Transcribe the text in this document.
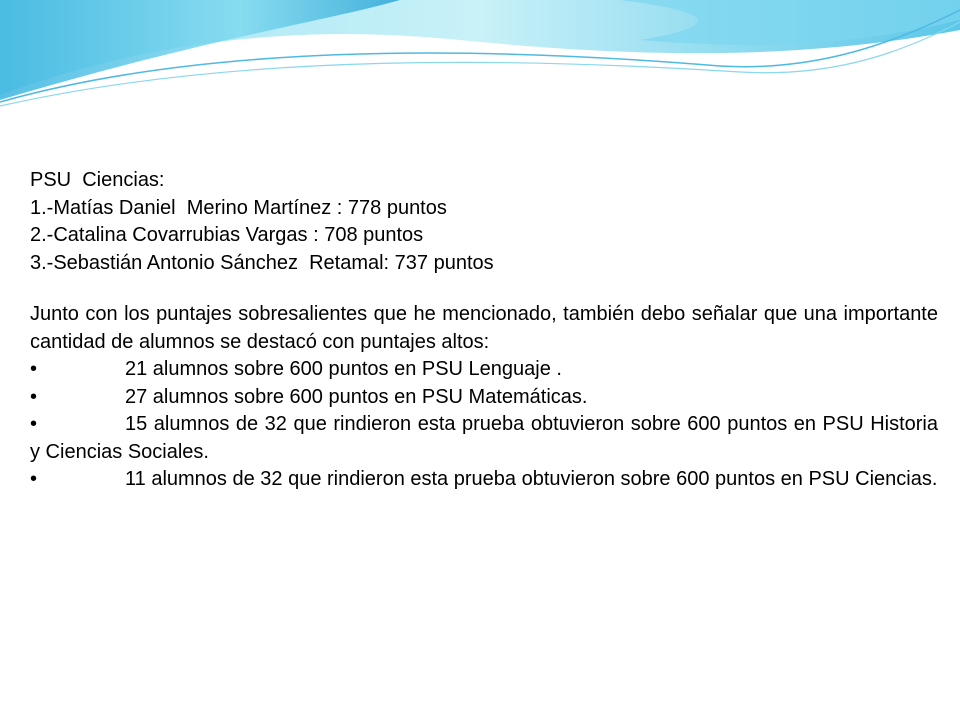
PSU  Ciencias:

1.-Matías Daniel  Merino Martínez : 778 puntos

2.-Catalina Covarrubias Vargas : 708 puntos

3.-Sebastián Antonio Sánchez  Retamal: 737 puntos

Junto con los puntajes sobresalientes que he mencionado, también debo señalar que una importante cantidad de alumnos se destacó con puntajes altos:

•	21 alumnos sobre 600 puntos en PSU Lenguaje .

•	27 alumnos sobre 600 puntos en PSU Matemáticas.

•	15 alumnos de 32 que rindieron esta prueba obtuvieron sobre 600 puntos en PSU Historia y Ciencias Sociales.

•	11 alumnos de 32 que rindieron esta prueba obtuvieron sobre 600 puntos en PSU Ciencias.
